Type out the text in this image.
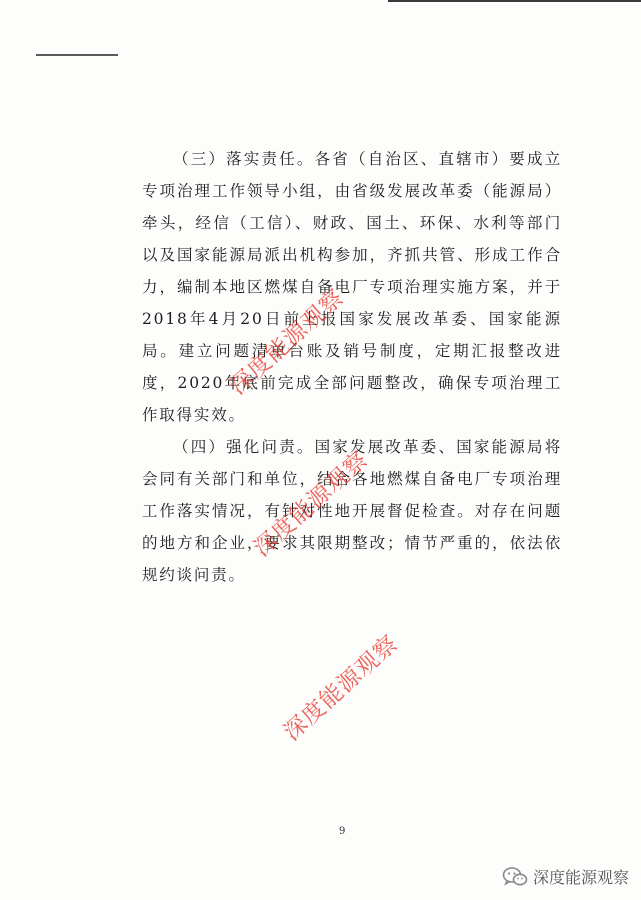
（三）落实责任。各省（自治区、直辖市）要成立专项治理工作领导小组，由省级发展改革委（能源局）牵头，经信（工信）、财政、国土、环保、水利等部门以及国家能源局派出机构参加，齐抓共管、形成工作合力，编制本地区燃煤自备电厂专项治理实施方案，并于2018年4月20日前上报国家发展改革委、国家能源局。建立问题清单台账及销号制度，定期汇报整改进度，2020年底前完成全部问题整改，确保专项治理工作取得实效。

（四）强化问责。国家发展改革委、国家能源局将会同有关部门和单位，结合各地燃煤自备电厂专项治理工作落实情况，有针对性地开展督促检查。对存在问题的地方和企业，要求其限期整改；情节严重的，依法依规约谈问责。

深度能源观察
深度能源观察
深度能源观察
9
深度能源观察
